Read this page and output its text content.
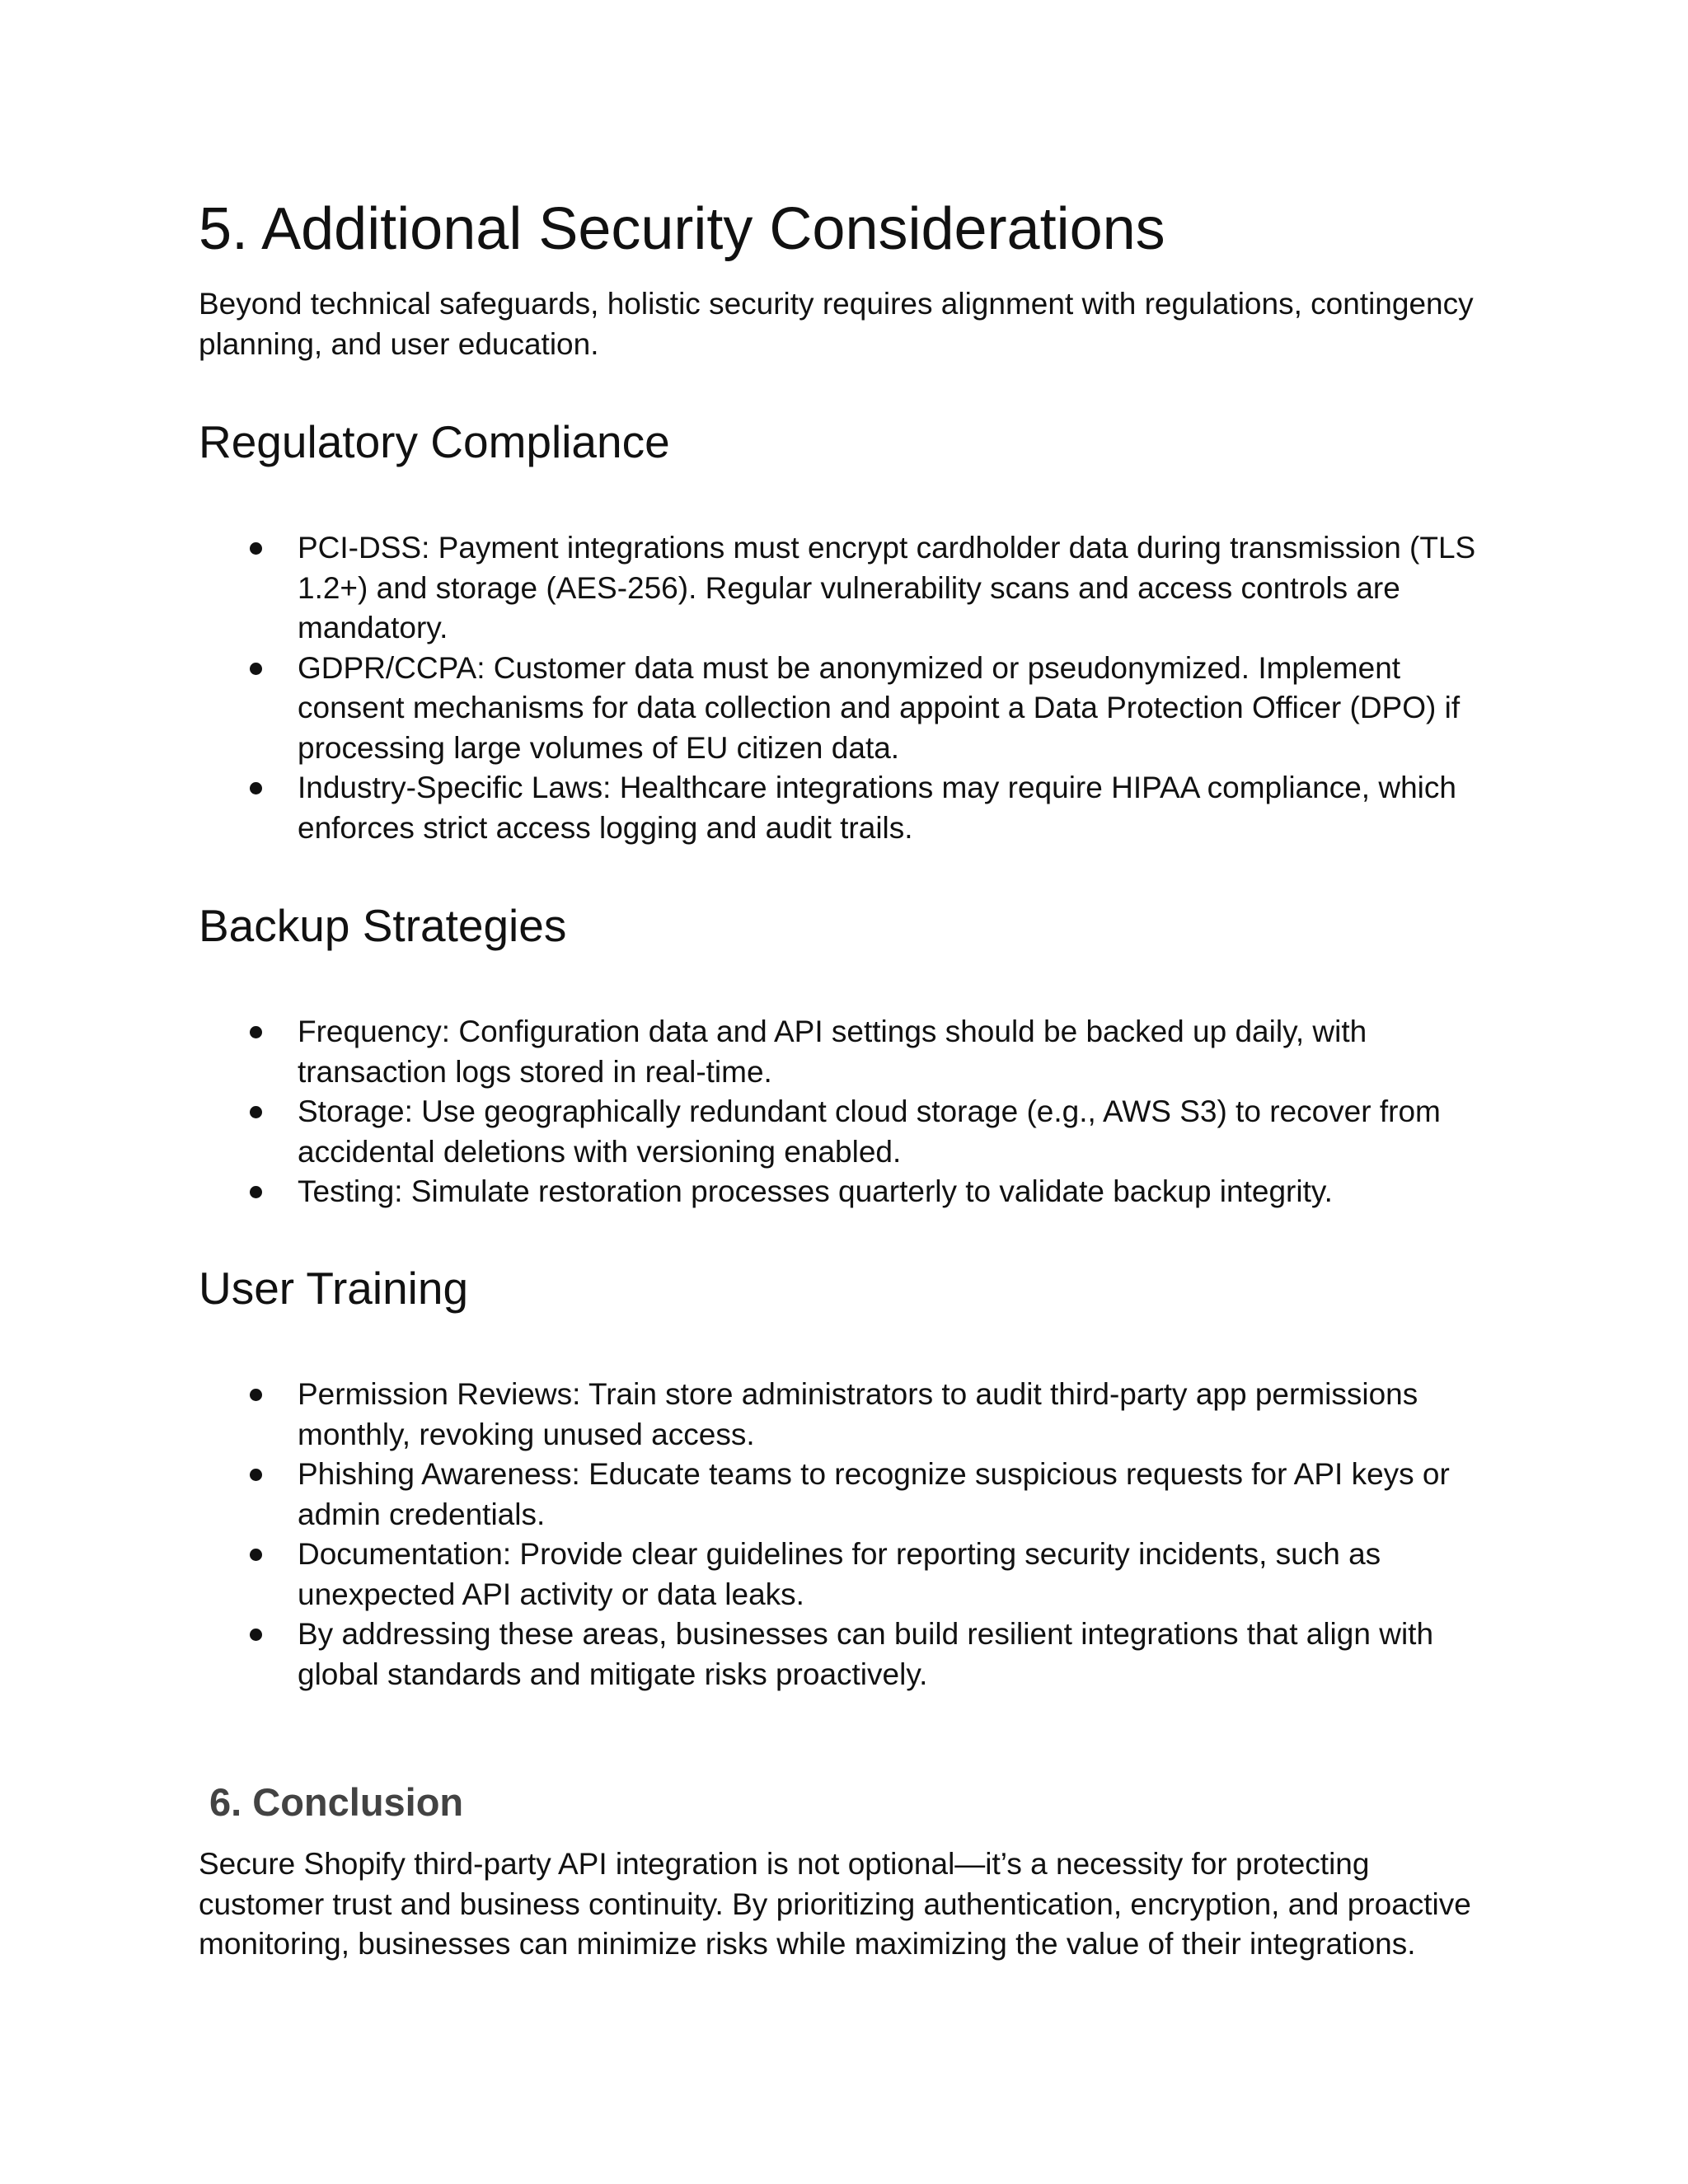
5. Additional Security Considerations

Beyond technical safeguards, holistic security requires alignment with regulations, contingency planning, and user education.

Regulatory Compliance
PCI-DSS: Payment integrations must encrypt cardholder data during transmission (TLS 1.2+) and storage (AES-256). Regular vulnerability scans and access controls are mandatory.
GDPR/CCPA: Customer data must be anonymized or pseudonymized. Implement consent mechanisms for data collection and appoint a Data Protection Officer (DPO) if processing large volumes of EU citizen data.
Industry-Specific Laws: Healthcare integrations may require HIPAA compliance, which enforces strict access logging and audit trails.
Backup Strategies
Frequency: Configuration data and API settings should be backed up daily, with transaction logs stored in real-time.
Storage: Use geographically redundant cloud storage (e.g., AWS S3) to recover from accidental deletions with versioning enabled.
Testing: Simulate restoration processes quarterly to validate backup integrity.
User Training
Permission Reviews: Train store administrators to audit third-party app permissions monthly, revoking unused access.
Phishing Awareness: Educate teams to recognize suspicious requests for API keys or admin credentials.
Documentation: Provide clear guidelines for reporting security incidents, such as unexpected API activity or data leaks.
By addressing these areas, businesses can build resilient integrations that align with global standards and mitigate risks proactively.
6. Conclusion

Secure Shopify third-party API integration is not optional—it’s a necessity for protecting customer trust and business continuity. By prioritizing authentication, encryption, and proactive monitoring, businesses can minimize risks while maximizing the value of their integrations.
